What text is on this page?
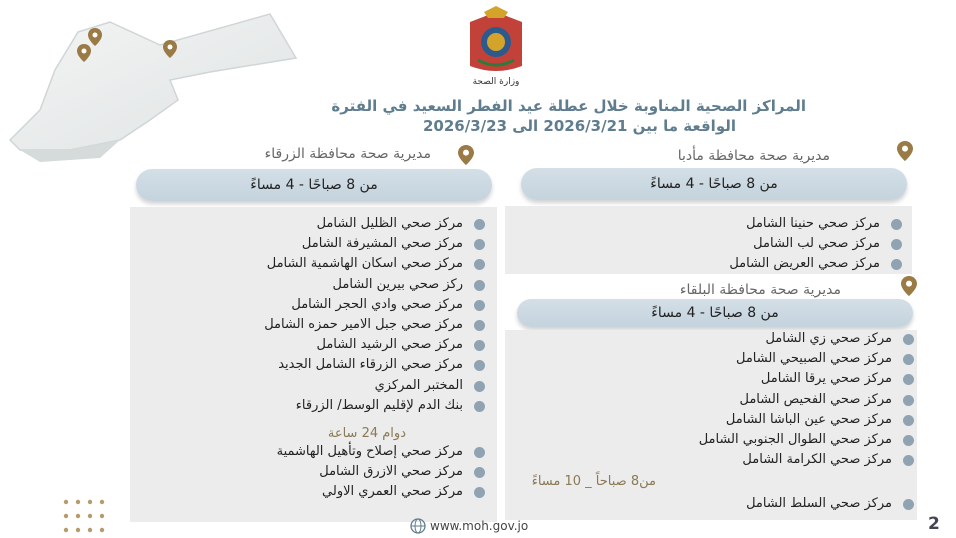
وزارة الصحة
المراكز الصحية المناوبة خلال عطلة عيد الفطر السعيد في الفترة
الواقعة ما بين 2026/3/21 الى 2026/3/23
مديرية صحة محافظة الزرقاء
من 8 صباحًا - 4 مساءً
مركز صحي الظليل الشامل
مركز صحي المشيرفة الشامل
مركز صحي اسكان الهاشمية الشامل
ركز صحي بيرين الشامل
مركز صحي وادي الحجر الشامل
مركز صحي جبل الامير حمزه الشامل
مركز صحي الرشيد الشامل
مركز صحي الزرقاء الشامل الجديد
المختبر المركزي
بنك الدم لإقليم الوسط/ الزرقاء
دوام 24 ساعة
مركز صحي إصلاح وتأهيل الهاشمية
مركز صحي الازرق الشامل
مركز صحي العمري الاولي
مديرية صحة محافظة مأدبا
من 8 صباحًا - 4 مساءً
مركز صحي حنينا الشامل
مركز صحي لب الشامل
مركز صحي العريض الشامل
مديرية صحة محافظة البلقاء
من 8 صباحًا - 4 مساءً
مركز صحي زي الشامل
مركز صحي الصبيحي الشامل
مركز صحي يرقا الشامل
مركز صحي الفحيص الشامل
مركز صحي عين الباشا الشامل
مركز صحي الطوال الجنوبي الشامل
مركز صحي الكرامة الشامل
من8 صباحاً _ 10 مساءً
مركز صحي السلط الشامل
www.moh.gov.jo	2
